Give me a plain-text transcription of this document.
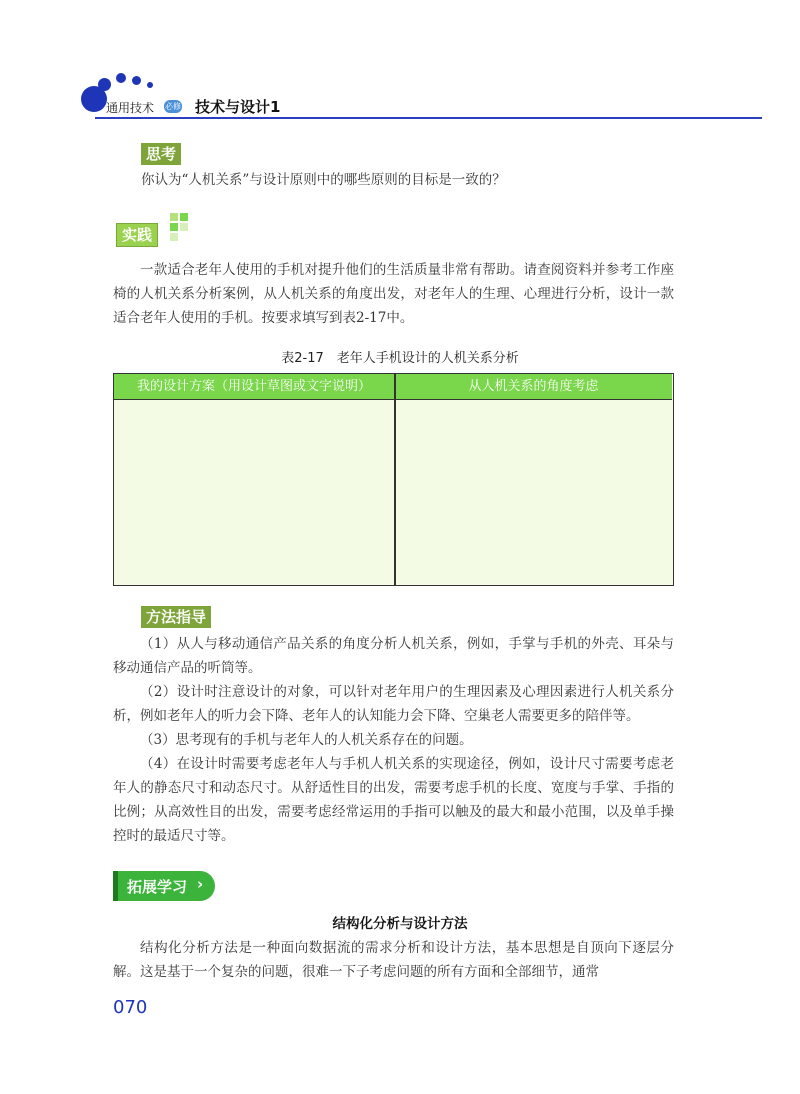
通用技术 必修 技术与设计1
思考
你认为“人机关系”与设计原则中的哪些原则的目标是一致的？
实践
一款适合老年人使用的手机对提升他们的生活质量非常有帮助。请查阅资料并参考工作座椅的人机关系分析案例，从人机关系的角度出发，对老年人的生理、心理进行分析，设计一款适合老年人使用的手机。按要求填写到表2-17中。
表2-17　老年人手机设计的人机关系分析
我的设计方案（用设计草图或文字说明）	从人机关系的角度考虑
方法指导
（1）从人与移动通信产品关系的角度分析人机关系，例如，手掌与手机的外壳、耳朵与移动通信产品的听筒等。
（2）设计时注意设计的对象，可以针对老年用户的生理因素及心理因素进行人机关系分析，例如老年人的听力会下降、老年人的认知能力会下降、空巢老人需要更多的陪伴等。
（3）思考现有的手机与老年人的人机关系存在的问题。
（4）在设计时需要考虑老年人与手机人机关系的实现途径，例如，设计尺寸需要考虑老年人的静态尺寸和动态尺寸。从舒适性目的出发，需要考虑手机的长度、宽度与手掌、手指的比例；从高效性目的出发，需要考虑经常运用的手指可以触及的最大和最小范围，以及单手操控时的最适尺寸等。
拓展学习 ›
结构化分析与设计方法
结构化分析方法是一种面向数据流的需求分析和设计方法，基本思想是自顶向下逐层分解。这是基于一个复杂的问题，很难一下子考虑问题的所有方面和全部细节，通常
070
